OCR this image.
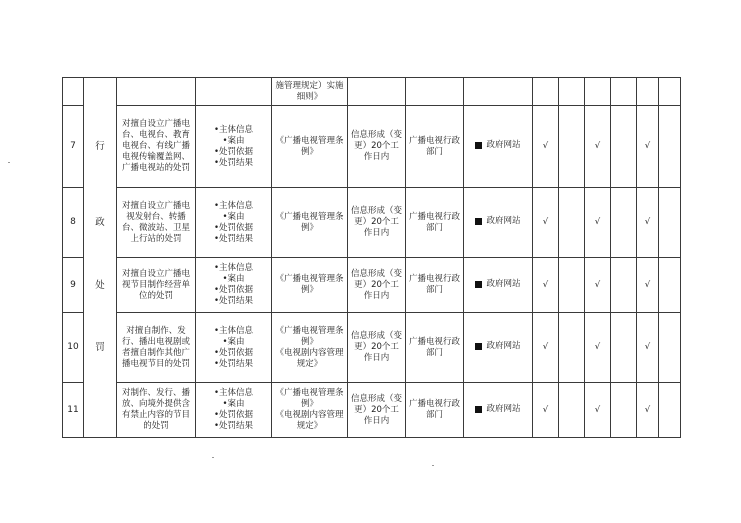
				施管理规定）实施细则》									
7	行	对擅自设立广播电台、电视台、教育电视台、有线广播电视传输覆盖网、广播电视站的处罚	•主体信息
•案由
•处罚依据
•处罚结果	《广播电视管理条例》	信息形成（变更）20个工作日内	广播电视行政部门	政府网站	√		√		√	
8	政	对擅自设立广播电视发射台、转播台、微波站、卫星上行站的处罚	•主体信息
•案由
•处罚依据
•处罚结果	《广播电视管理条例》	信息形成（变更）20个工作日内	广播电视行政部门	政府网站	√		√		√	
9	处	对擅自设立广播电视节目制作经营单位的处罚	•主体信息
•案由
•处罚依据
•处罚结果	《广播电视管理条例》	信息形成（变更）20个工作日内	广播电视行政部门	政府网站	√		√		√	
10	罚	对擅自制作、发行、播出电视剧或者擅自制作其他广播电视节目的处罚	•主体信息
•案由
•处罚依据
•处罚结果	《广播电视管理条例》
《电视剧内容管理规定》	信息形成（变更）20个工作日内	广播电视行政部门	政府网站	√		√		√	
11		对制作、发行、播放、向境外提供含有禁止内容的节目的处罚	•主体信息
•案由
•处罚依据
•处罚结果	《广播电视管理条例》
《电视剧内容管理规定》	信息形成（变更）20个工作日内	广播电视行政部门	政府网站	√		√		√	
